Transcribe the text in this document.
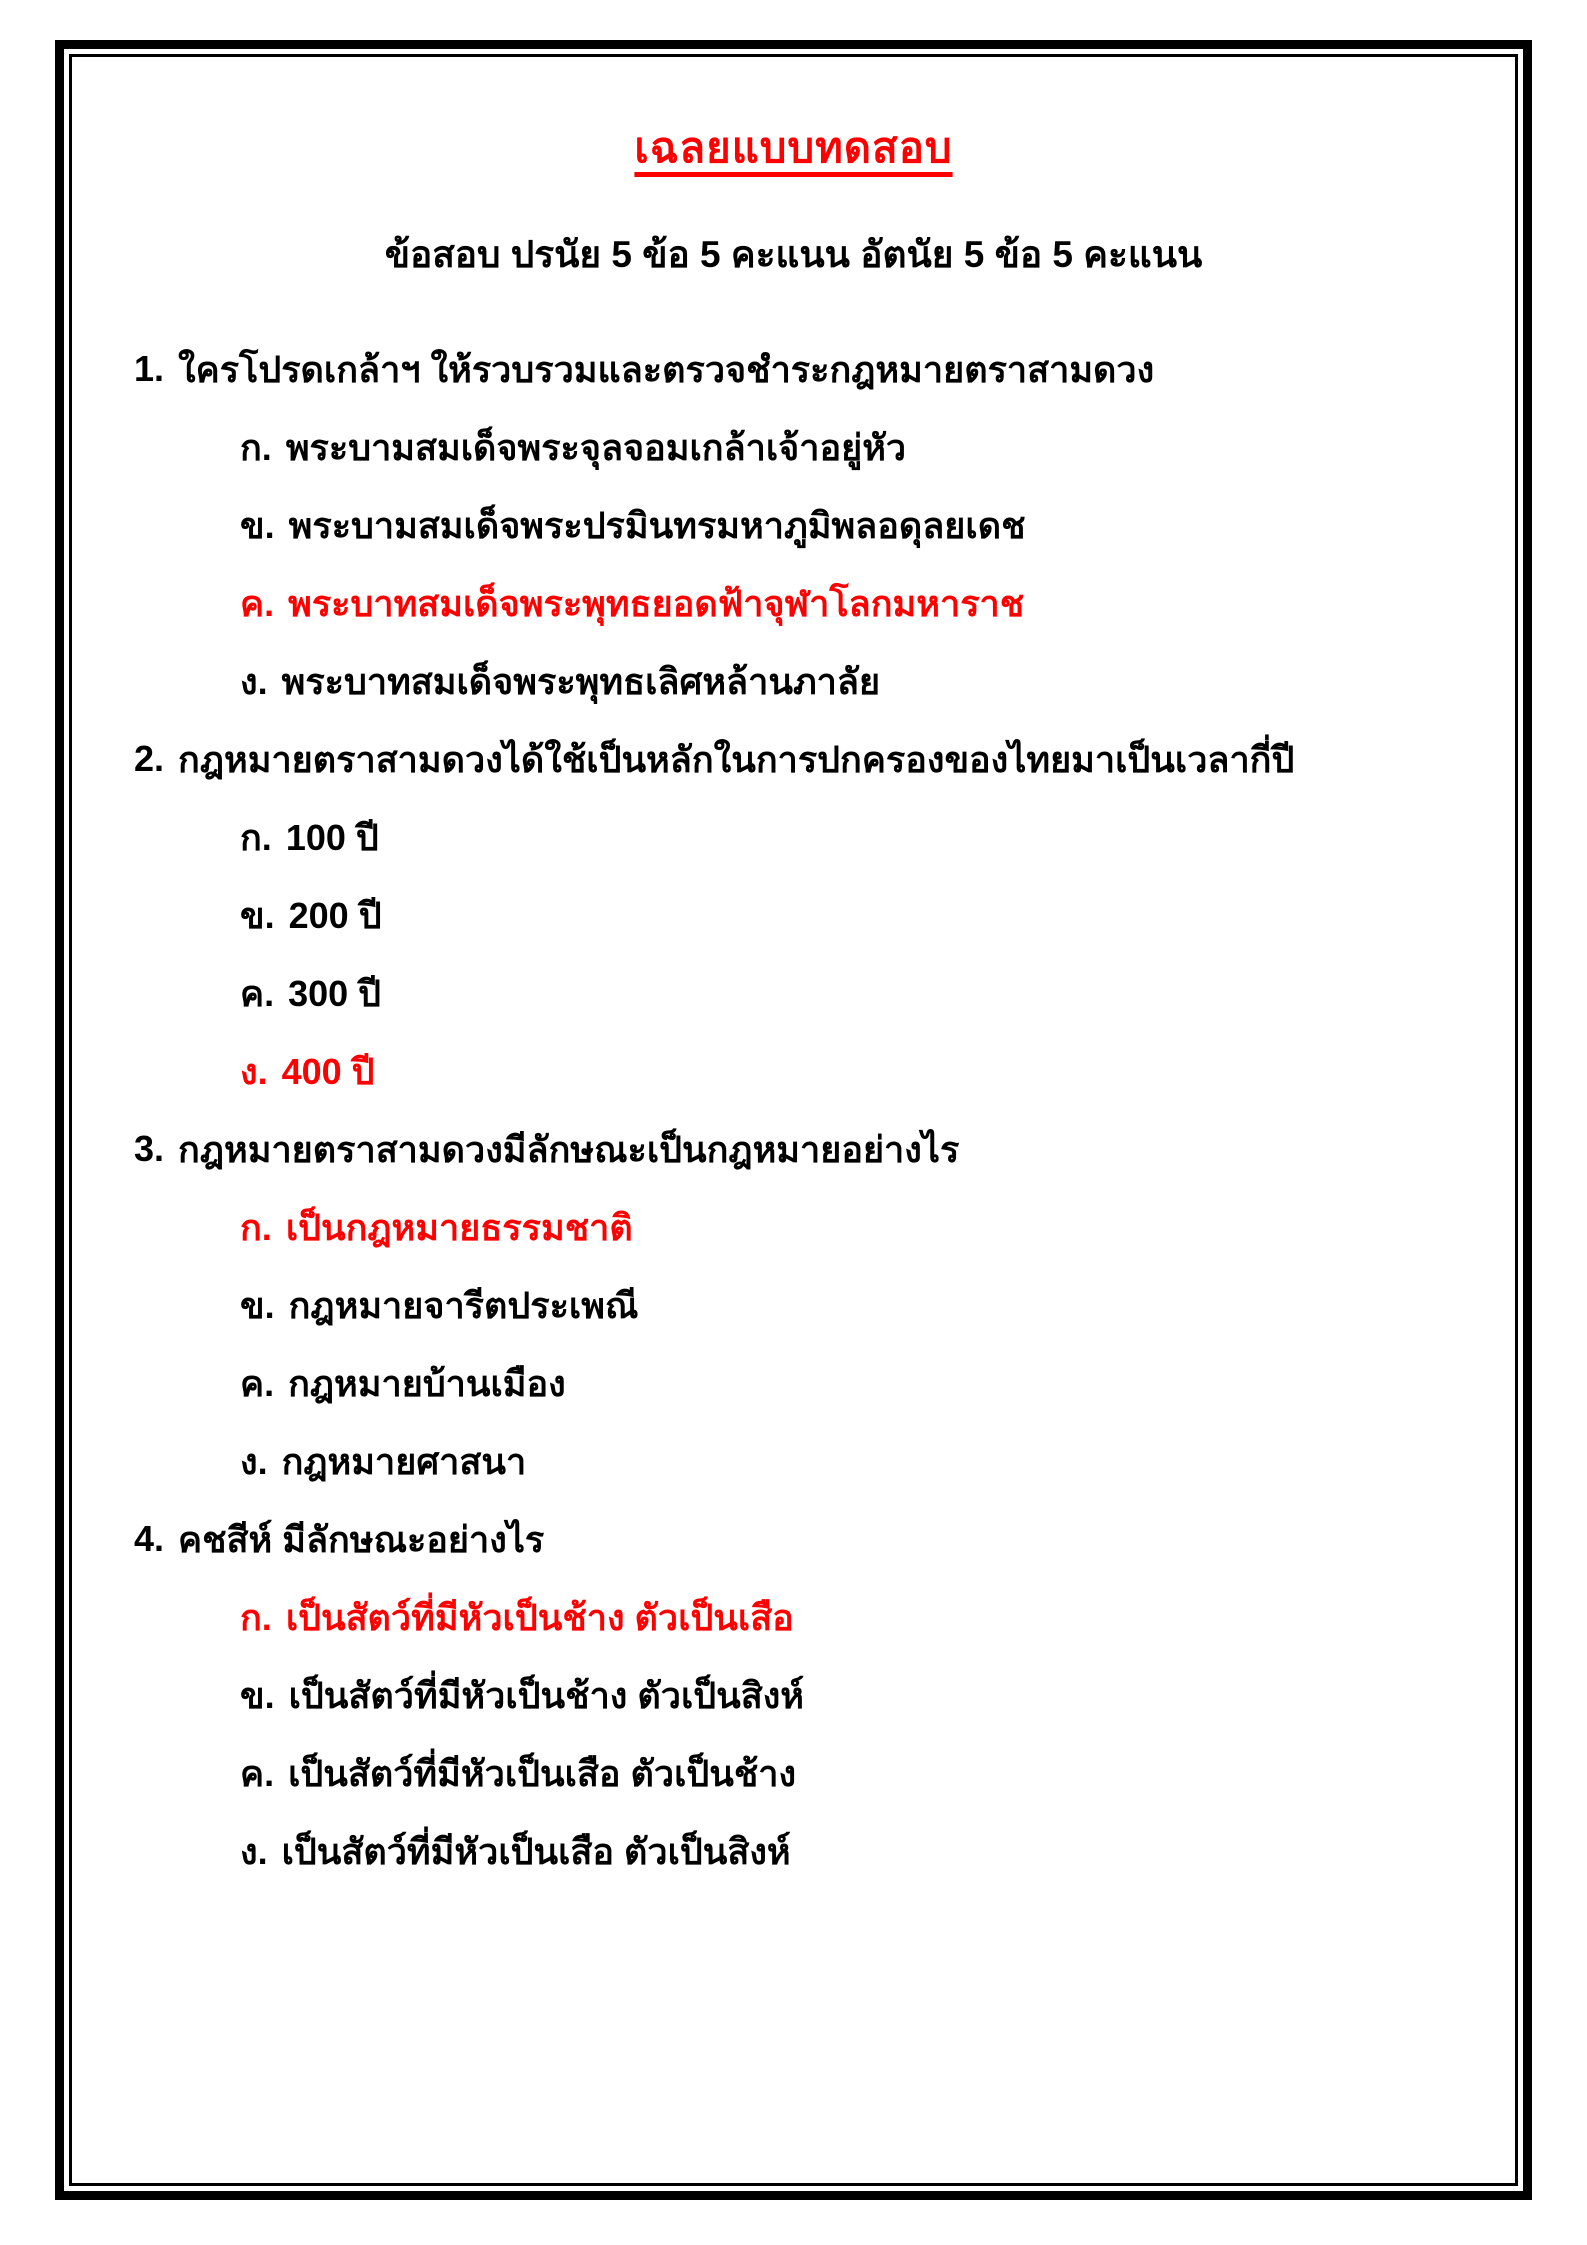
เฉลยแบบทดสอบ
ข้อสอบ ปรนัย 5 ข้อ 5 คะแนน อัตนัย 5 ข้อ 5 คะแนน
1. ใครโปรดเกล้าฯ ให้รวบรวมและตรวจชำระกฎหมายตราสามดวง
ก. พระบามสมเด็จพระจุลจอมเกล้าเจ้าอยู่หัว
ข. พระบามสมเด็จพระปรมินทรมหาภูมิพลอดุลยเดช
ค. พระบาทสมเด็จพระพุทธยอดฟ้าจุฬาโลกมหาราช
ง. พระบาทสมเด็จพระพุทธเลิศหล้านภาลัย
2. กฎหมายตราสามดวงได้ใช้เป็นหลักในการปกครองของไทยมาเป็นเวลากี่ปี
ก. 100 ปี
ข. 200 ปี
ค. 300 ปี
ง. 400 ปี
3. กฎหมายตราสามดวงมีลักษณะเป็นกฎหมายอย่างไร
ก. เป็นกฎหมายธรรมชาติ
ข. กฎหมายจารีตประเพณี
ค. กฎหมายบ้านเมือง
ง. กฎหมายศาสนา
4. คชสีห์ มีลักษณะอย่างไร
ก. เป็นสัตว์ที่มีหัวเป็นช้าง ตัวเป็นเสือ
ข. เป็นสัตว์ที่มีหัวเป็นช้าง ตัวเป็นสิงห์
ค. เป็นสัตว์ที่มีหัวเป็นเสือ ตัวเป็นช้าง
ง. เป็นสัตว์ที่มีหัวเป็นเสือ ตัวเป็นสิงห์
